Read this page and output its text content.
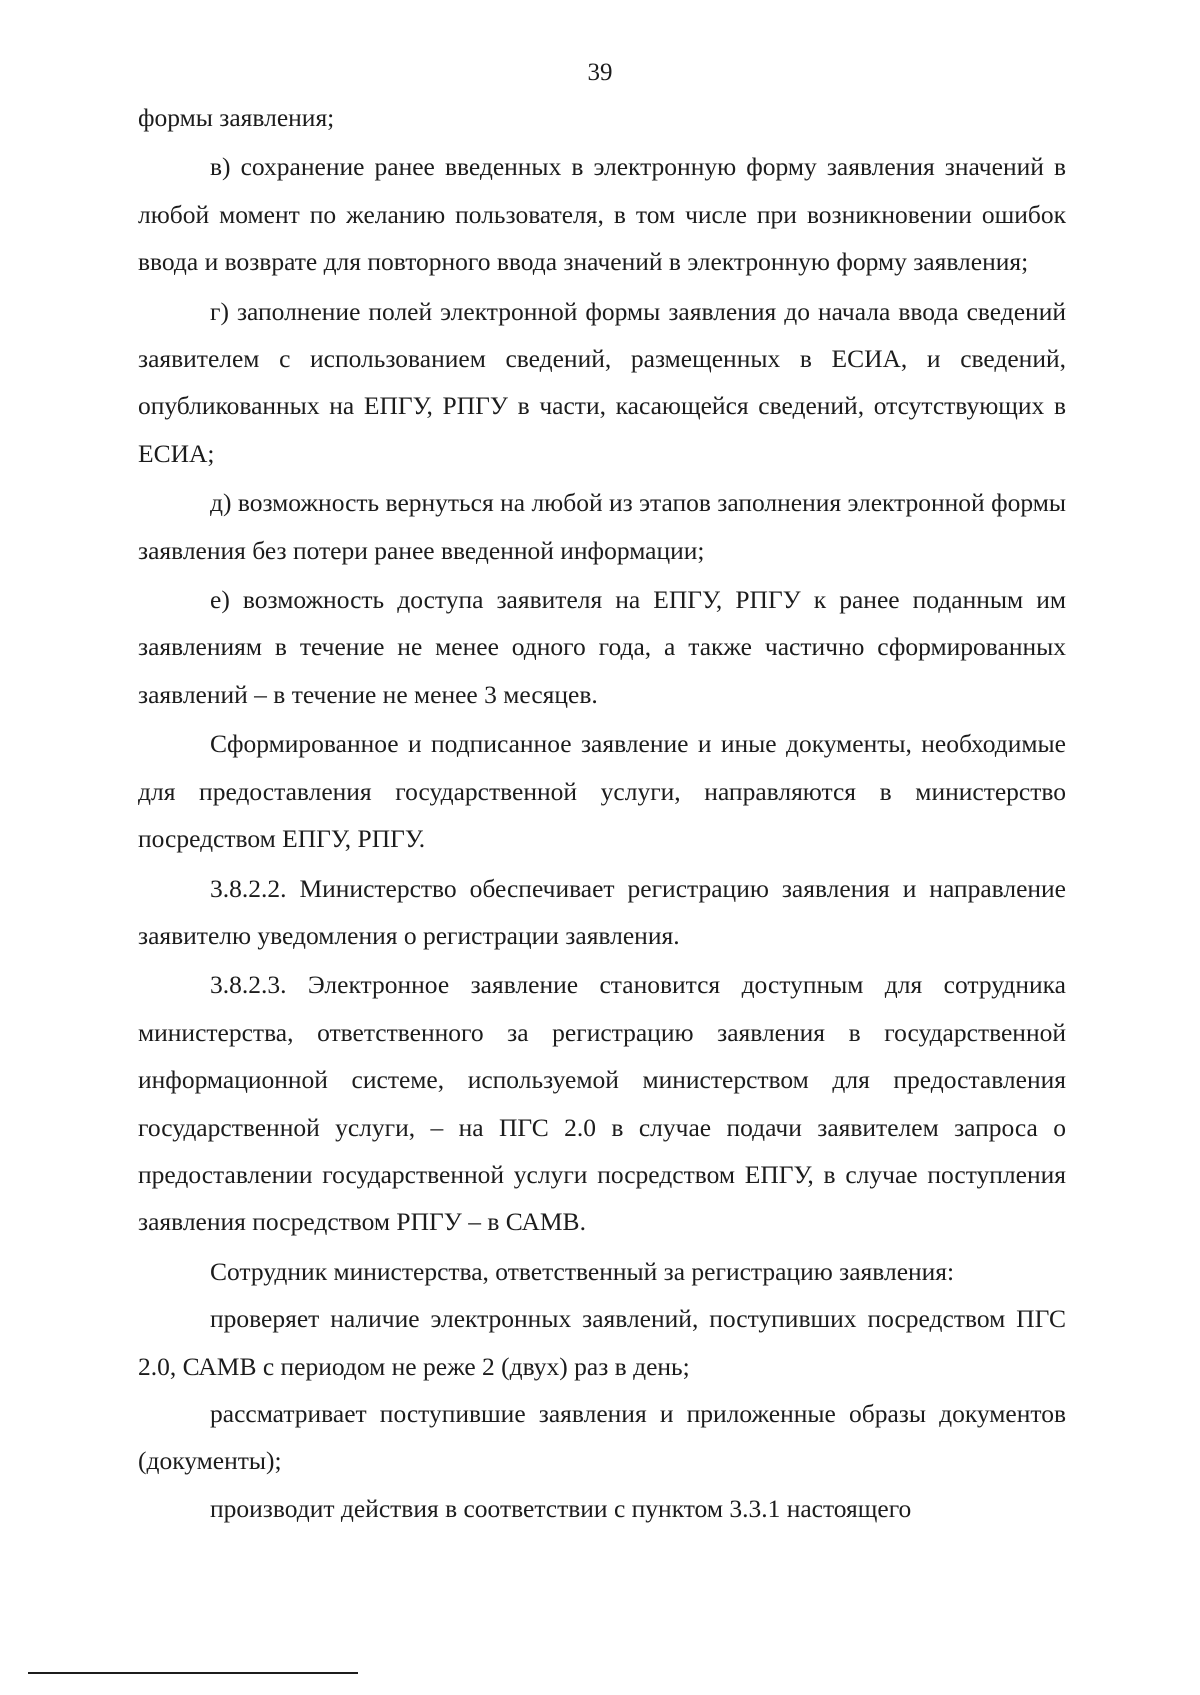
39

формы заявления;

в) сохранение ранее введенных в электронную форму заявления значений в любой момент по желанию пользователя, в том числе при возникновении ошибок ввода и возврате для повторного ввода значений в электронную форму заявления;

г) заполнение полей электронной формы заявления до начала ввода сведений заявителем с использованием сведений, размещенных в ЕСИА, и сведений, опубликованных на ЕПГУ, РПГУ в части, касающейся сведений, отсутствующих в ЕСИА;

д) возможность вернуться на любой из этапов заполнения электронной формы заявления без потери ранее введенной информации;

е) возможность доступа заявителя на ЕПГУ, РПГУ к ранее поданным им заявлениям в течение не менее одного года, а также частично сформированных заявлений – в течение не менее 3 месяцев.

Сформированное и подписанное заявление и иные документы, необходимые для предоставления государственной услуги, направляются в министерство посредством ЕПГУ, РПГУ.

3.8.2.2. Министерство обеспечивает регистрацию заявления и направление заявителю уведомления о регистрации заявления.

3.8.2.3. Электронное заявление становится доступным для сотрудника министерства, ответственного за регистрацию заявления в государственной информационной системе, используемой министерством для предоставления государственной услуги, – на ПГС 2.0 в случае подачи заявителем запроса о предоставлении государственной услуги посредством ЕПГУ, в случае поступления заявления посредством РПГУ – в САМВ.

Сотрудник министерства, ответственный за регистрацию заявления:

проверяет наличие электронных заявлений, поступивших посредством ПГС 2.0, САМВ с периодом не реже 2 (двух) раз в день;

рассматривает поступившие заявления и приложенные образы документов (документы);

производит действия в соответствии с пунктом 3.3.1 настоящего
